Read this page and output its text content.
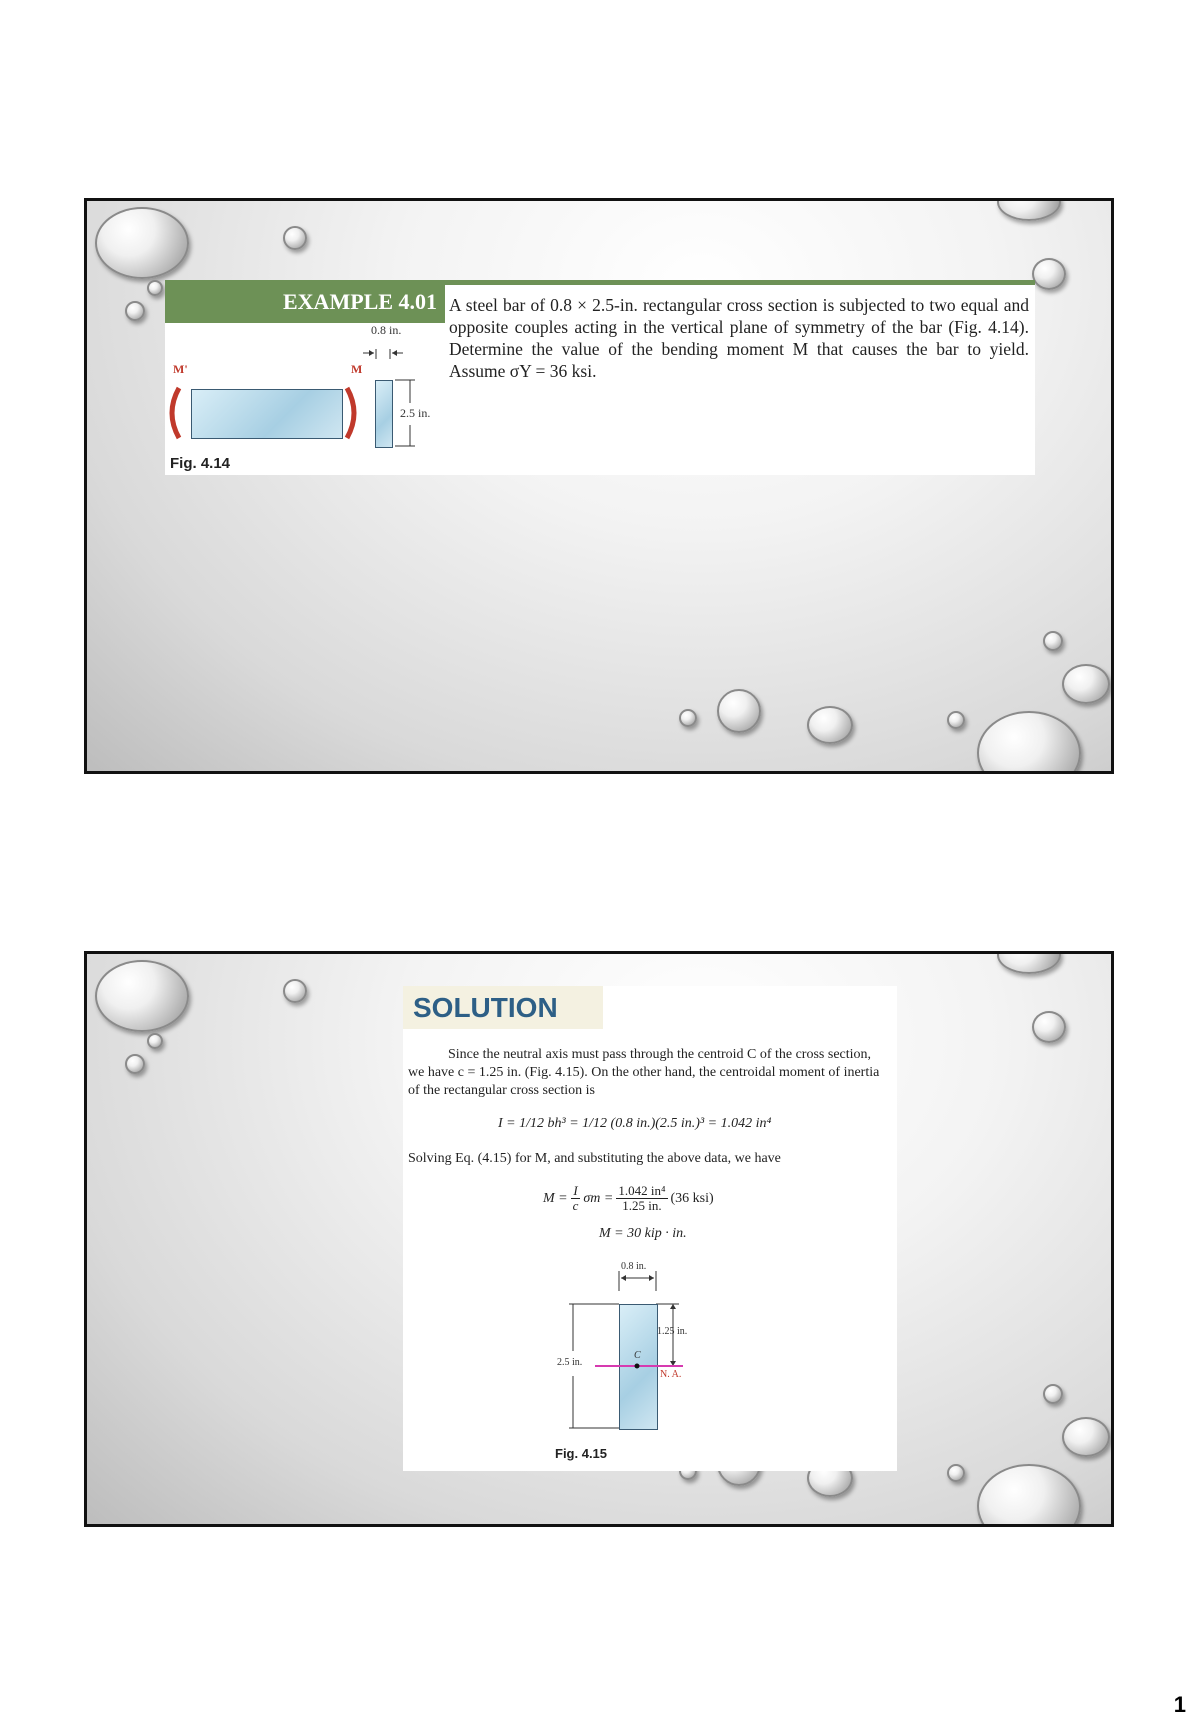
EXAMPLE 4.01 A steel bar of 0.8 × 2.5-in. rectangular cross section is subjected to two equal and opposite couples acting in the vertical plane of symmetry of the bar (Fig. 4.14). Determine the value of the bending moment M that causes the bar to yield. Assume σY = 36 ksi.
M'	M
0.8 in.
2.5 in.
Fig. 4.14
SOLUTION
Since the neutral axis must pass through the centroid C of the cross section, we have c = 1.25 in. (Fig. 4.15). On the other hand, the centroidal moment of inertia of the rectangular cross section is
I = 1/12 bh³ = 1/12 (0.8 in.)(2.5 in.)³ = 1.042 in⁴
Solving Eq. (4.15) for M, and substituting the above data, we have
$M = \frac{I}{c}$ $\sigma m = \frac{\text{1.042 in⁴}}{1.25 in.} (36$ ksi)
M = 30 kip · in.
0.8 in.
1.25 in.
2.5 in.
C
N. A.
Fig. 4.15
1
